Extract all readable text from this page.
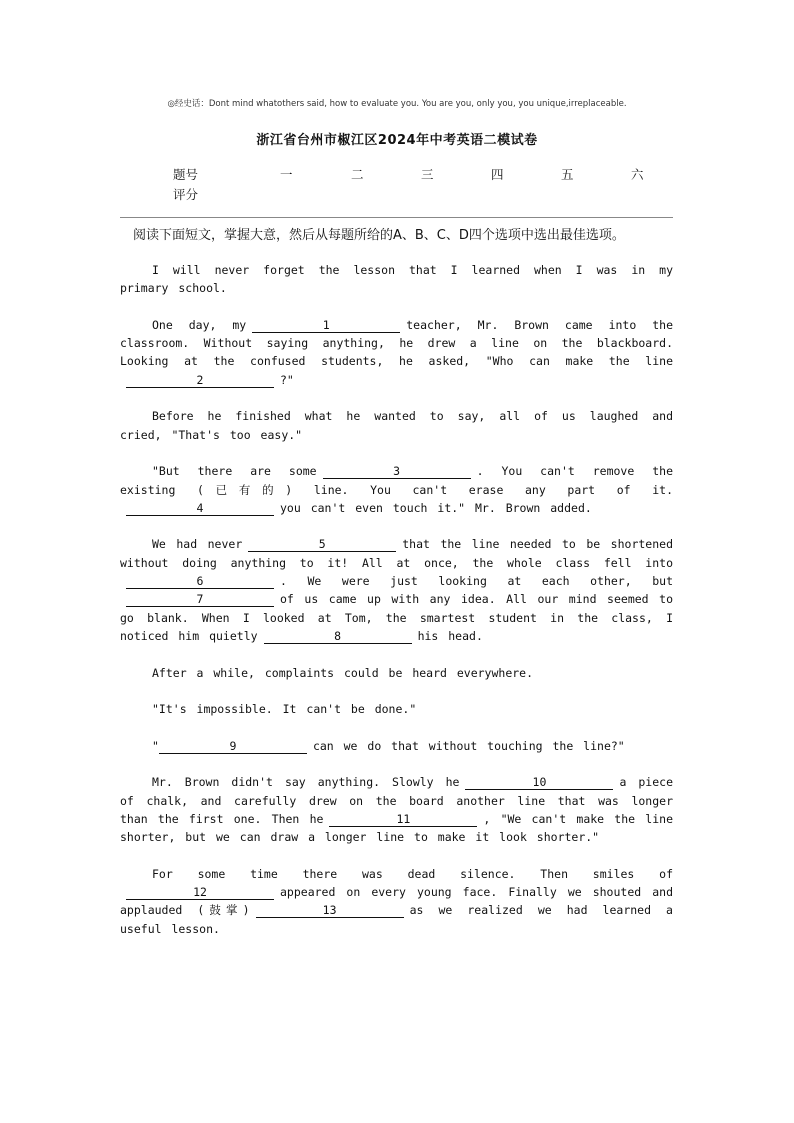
◎经史话：Dont mind whatothers said, how to evaluate you. You are you, only you, you unique,irreplaceable.
浙江省台州市椒江区2024年中考英语二模试卷
题号	一	二	三	四	五	六
评分
阅读下面短文，掌握大意，然后从每题所给的A、B、C、D四个选项中选出最佳选项。

I will never forget the lesson that I learned when I was in my primary school.

One day, my	1	teacher, Mr. Brown came into the classroom. Without saying anything, he drew a line on the blackboard. Looking at the confused students, he asked, "Who can make the line2	?"

Before he finished what he wanted to say, all of us laughed and cried, "That's too easy."

"But there are some	3	. You can't remove the existing (已有的) line. You can't erase any part of it.4	you can't even touch it." Mr. Brown added.

We had never	5	that the line needed to be shortened without doing anything to it! All at once, the whole class fell into6	. We were just looking at each other, but7	of us came up with any idea. All our mind seemed to go blank. When I looked at Tom, the smartest student in the class, I noticed him quietly	8	his head.

After a while, complaints could be heard everywhere.

"It's impossible. It can't be done."

"	9	can we do that without touching the line?"

Mr. Brown didn't say anything. Slowly he	10	a piece of chalk, and carefully drew on the board another line that was longer than the first one. Then he	11	, "We can't make the line shorter, but we can draw a longer line to make it look shorter."

For some time there was dead silence. Then smiles of12	appeared on every young face. Finally we shouted and applauded (鼓掌)	13	as we realized we had learned a useful lesson.
